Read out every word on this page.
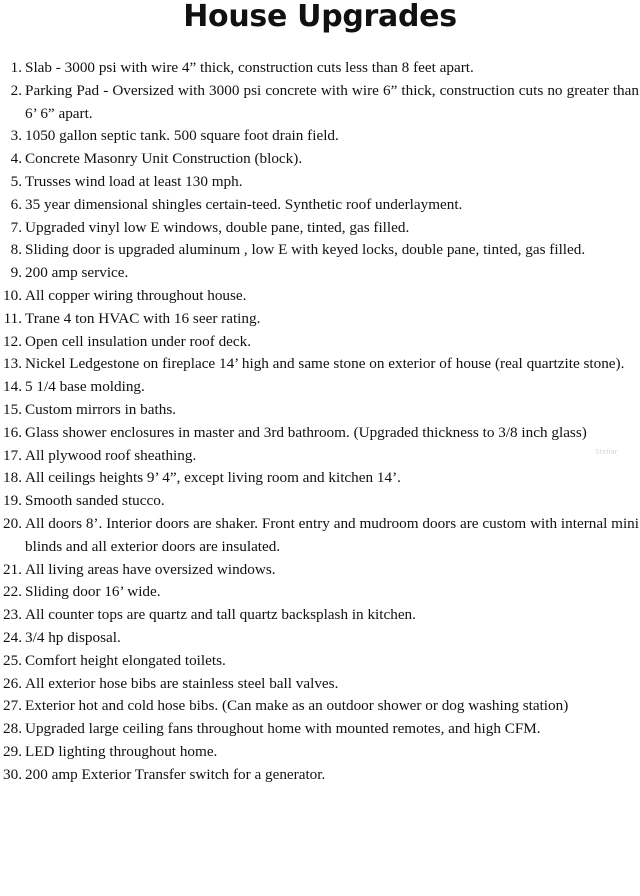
House Upgrades
1. Slab - 3000 psi with wire 4” thick, construction cuts less than 8 feet apart.
2. Parking Pad - Oversized with 3000 psi concrete with wire 6” thick, construction cuts no greater than 6’ 6” apart.
3. 1050 gallon septic tank. 500 square foot drain field.
4. Concrete Masonry Unit Construction (block).
5. Trusses wind load at least 130 mph.
6. 35 year dimensional shingles certain-teed. Synthetic roof underlayment.
7. Upgraded vinyl low E windows, double pane, tinted, gas filled.
8. Sliding door is upgraded aluminum , low E with keyed locks, double pane, tinted, gas filled.
9. 200 amp service.
10. All copper wiring throughout house.
11. Trane 4 ton HVAC with 16 seer rating.
12. Open cell insulation under roof deck.
13. Nickel Ledgestone on fireplace 14’ high and same stone on exterior of house (real quartzite stone).
14. 5 1/4 base molding.
15. Custom mirrors in baths.
16. Glass shower enclosures in master and 3rd bathroom. (Upgraded thickness to 3/8 inch glass)
17. All plywood roof sheathing.
18. All ceilings heights 9’ 4”, except living room and kitchen 14’.
19. Smooth sanded stucco.
20. All doors 8’. Interior doors are shaker. Front entry and mudroom doors are custom with internal mini blinds and all exterior doors are insulated.
21. All living areas have oversized windows.
22. Sliding door 16’ wide.
23. All counter tops are quartz and tall quartz backsplash in kitchen.
24. 3/4 hp disposal.
25. Comfort height elongated toilets.
26. All exterior hose bibs are stainless steel ball valves.
27. Exterior hot and cold hose bibs. (Can make as an outdoor shower or dog washing station)
28. Upgraded large ceiling fans throughout home with mounted remotes, and high CFM.
29. LED lighting throughout home.
30. 200 amp Exterior Transfer switch for a generator.
Stellar
